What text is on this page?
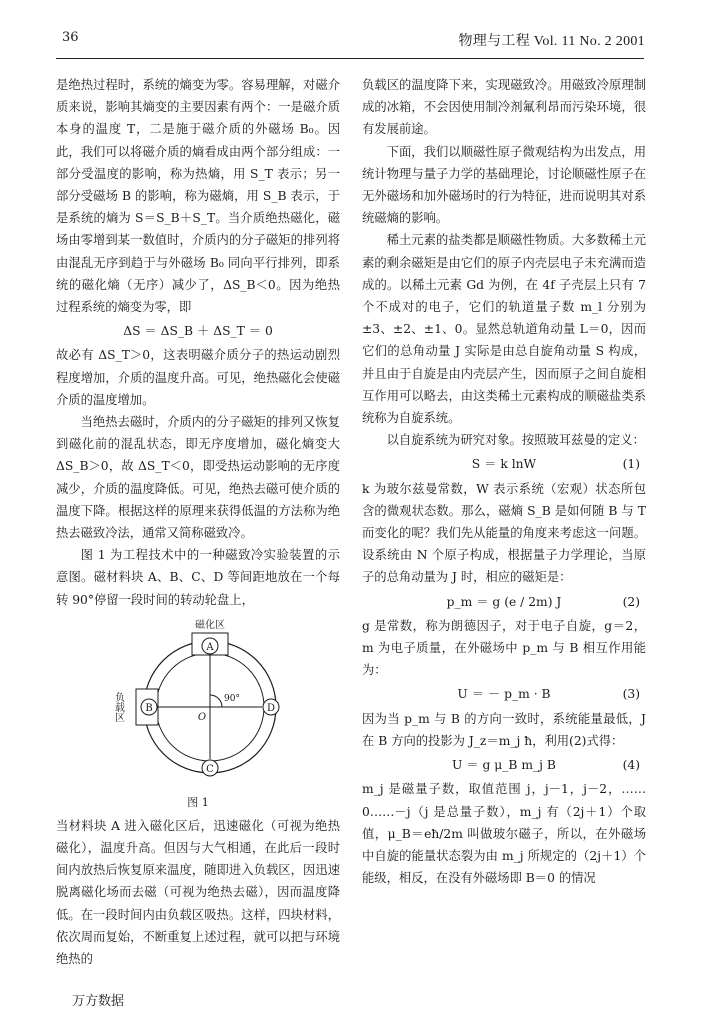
36	物理与工程 Vol. 11 No. 2 2001

是绝热过程时，系统的熵变为零。容易理解，对磁介质来说，影响其熵变的主要因素有两个：一是磁介质本身的温度 T，二是施于磁介质的外磁场 B₀。因此，我们可以将磁介质的熵看成由两个部分组成：一部分受温度的影响，称为热熵，用 S_T 表示；另一部分受磁场 B 的影响，称为磁熵，用 S_B 表示，于是系统的熵为 S＝S_B＋S_T。当介质绝热磁化，磁场由零增到某一数值时，介质内的分子磁矩的排列将由混乱无序到趋于与外磁场 B₀ 同向平行排列，即系统的磁化熵（无序）减少了，ΔS_B＜0。因为绝热过程系统的熵变为零，即

ΔS ＝ ΔS_B ＋ ΔS_T ＝ 0

故必有 ΔS_T＞0，这表明磁介质分子的热运动剧烈程度增加，介质的温度升高。可见，绝热磁化会使磁介质的温度增加。

当绝热去磁时，介质内的分子磁矩的排列又恢复到磁化前的混乱状态，即无序度增加，磁化熵变大 ΔS_B＞0，故 ΔS_T＜0，即受热运动影响的无序度减少，介质的温度降低。可见，绝热去磁可使介质的温度下降。根据这样的原理来获得低温的方法称为绝热去磁致冷法，通常又简称磁致冷。

图 1 为工程技术中的一种磁致冷实验装置的示意图。磁材料块 A、B、C、D 等间距地放在一个每转 90°停留一段时间的转动轮盘上，

磁化区
负载区
A
B
C
D
O
90°
图 1

当材料块 A 进入磁化区后，迅速磁化（可视为绝热磁化），温度升高。但因与大气相通，在此后一段时间内放热后恢复原来温度，随即进入负载区，因迅速脱离磁化场而去磁（可视为绝热去磁），因而温度降低。在一段时间内由负载区吸热。这样，四块材料，依次周而复始，不断重复上述过程，就可以把与环境绝热的

负载区的温度降下来，实现磁致冷。用磁致冷原理制成的冰箱，不会因使用制冷剂氟利昂而污染环境，很有发展前途。

下面，我们以顺磁性原子微观结构为出发点，用统计物理与量子力学的基础理论，讨论顺磁性原子在无外磁场和加外磁场时的行为特征，进而说明其对系统磁熵的影响。

稀土元素的盐类都是顺磁性物质。大多数稀土元素的剩余磁矩是由它们的原子内壳层电子未充满而造成的。以稀土元素 Gd 为例，在 4f 子壳层上只有 7 个不成对的电子，它们的轨道量子数 m_l 分别为 ±3、±2、±1、0。显然总轨道角动量 L＝0，因而它们的总角动量 J 实际是由总自旋角动量 S 构成，并且由于自旋是由内壳层产生，因而原子之间自旋相互作用可以略去，由这类稀土元素构成的顺磁盐类系统称为自旋系统。

以自旋系统为研究对象。按照玻耳兹曼的定义：

S ＝ k lnW	(1)

k 为玻尔兹曼常数，W 表示系统（宏观）状态所包含的微观状态数。那么，磁熵 S_B 是如何随 B 与 T 而变化的呢？我们先从能量的角度来考虑这一问题。设系统由 N 个原子构成，根据量子力学理论，当原子的总角动量为 J 时，相应的磁矩是：

p_m ＝ g (e / 2m) J	(2)

g 是常数，称为朗德因子，对于电子自旋，g＝2，m 为电子质量，在外磁场中 p_m 与 B 相互作用能为：

U ＝ － p_m · B	(3)

因为当 p_m 与 B 的方向一致时，系统能量最低，J 在 B 方向的投影为 J_z＝m_j ħ，利用(2)式得：

U ＝ g μ_B m_j B	(4)

m_j 是磁量子数，取值范围 j，j－1，j－2，……0……－j（j 是总量子数），m_j 有（2j＋1）个取值，μ_B＝eħ/2m 叫做玻尔磁子，所以，在外磁场中自旋的能量状态裂为由 m_j 所规定的（2j＋1）个能级，相反，在没有外磁场即 B＝0 的情况

万方数据
